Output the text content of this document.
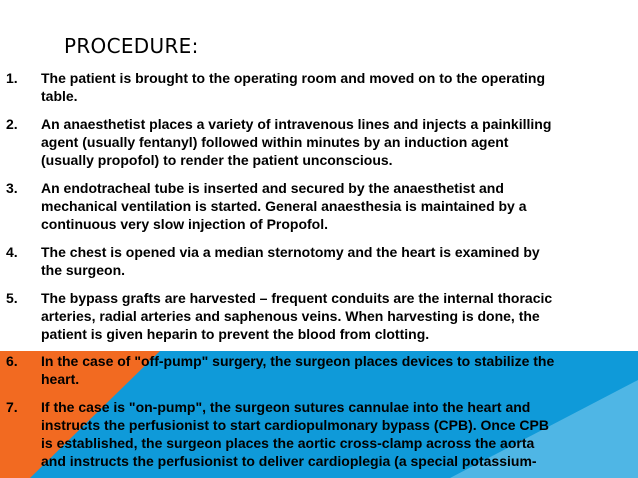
PROCEDURE:
1. The patient is brought to the operating room and moved on to the operating
table.
2. An anaesthetist places a variety of intravenous lines and injects a painkilling
agent (usually fentanyl) followed within minutes by an induction agent
(usually propofol) to render the patient unconscious.
3. An endotracheal tube is inserted and secured by the anaesthetist and
mechanical ventilation is started. General anaesthesia is maintained by a
continuous very slow injection of Propofol.
4. The chest is opened via a median sternotomy and the heart is examined by
the surgeon.
5. The bypass grafts are harvested – frequent conduits are the internal thoracic
arteries, radial arteries and saphenous veins. When harvesting is done, the
patient is given heparin to prevent the blood from clotting.
6. In the case of "off-pump" surgery, the surgeon places devices to stabilize the
heart.
7. If the case is "on-pump", the surgeon sutures cannulae into the heart and
instructs the perfusionist to start cardiopulmonary bypass (CPB). Once CPB
is established, the surgeon places the aortic cross-clamp across the aorta
and instructs the perfusionist to deliver cardioplegia (a special potassium-
